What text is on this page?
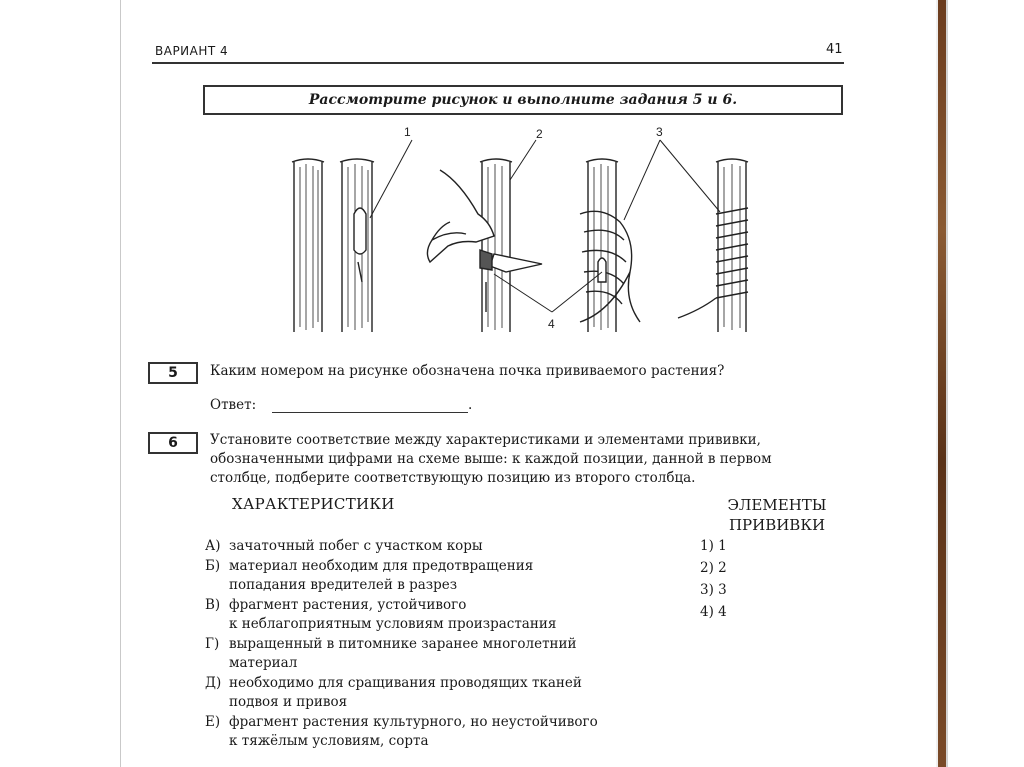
ВАРИАНТ 4	41
Рассмотрите рисунок и выполните задания 5 и 6.
1	2	3
4
5 Каким номером на рисунке обозначена почка прививаемого растения?
Ответ:	.
6 Установите соответствие между характеристиками и элементами прививки,
обозначенными цифрами на схеме выше: к каждой позиции, данной в первом
столбце, подберите соответствующую позицию из второго столбца.
ХАРАКТЕРИСТИКИ	ЭЛЕМЕНТЫ
ПРИВИВКИ
А) зачаточный побег с участком коры
Б) материал необходим для предотвращения
попадания вредителей в разрез
В) фрагмент растения, устойчивого
к неблагоприятным условиям произрастания
Г) выращенный в питомнике заранее многолетний
материал
Д) необходимо для сращивания проводящих тканей
подвоя и привоя
Е) фрагмент растения культурного, но неустойчивого
к тяжёлым условиям, сорта
1) 1
2) 2
3) 3
4) 4
